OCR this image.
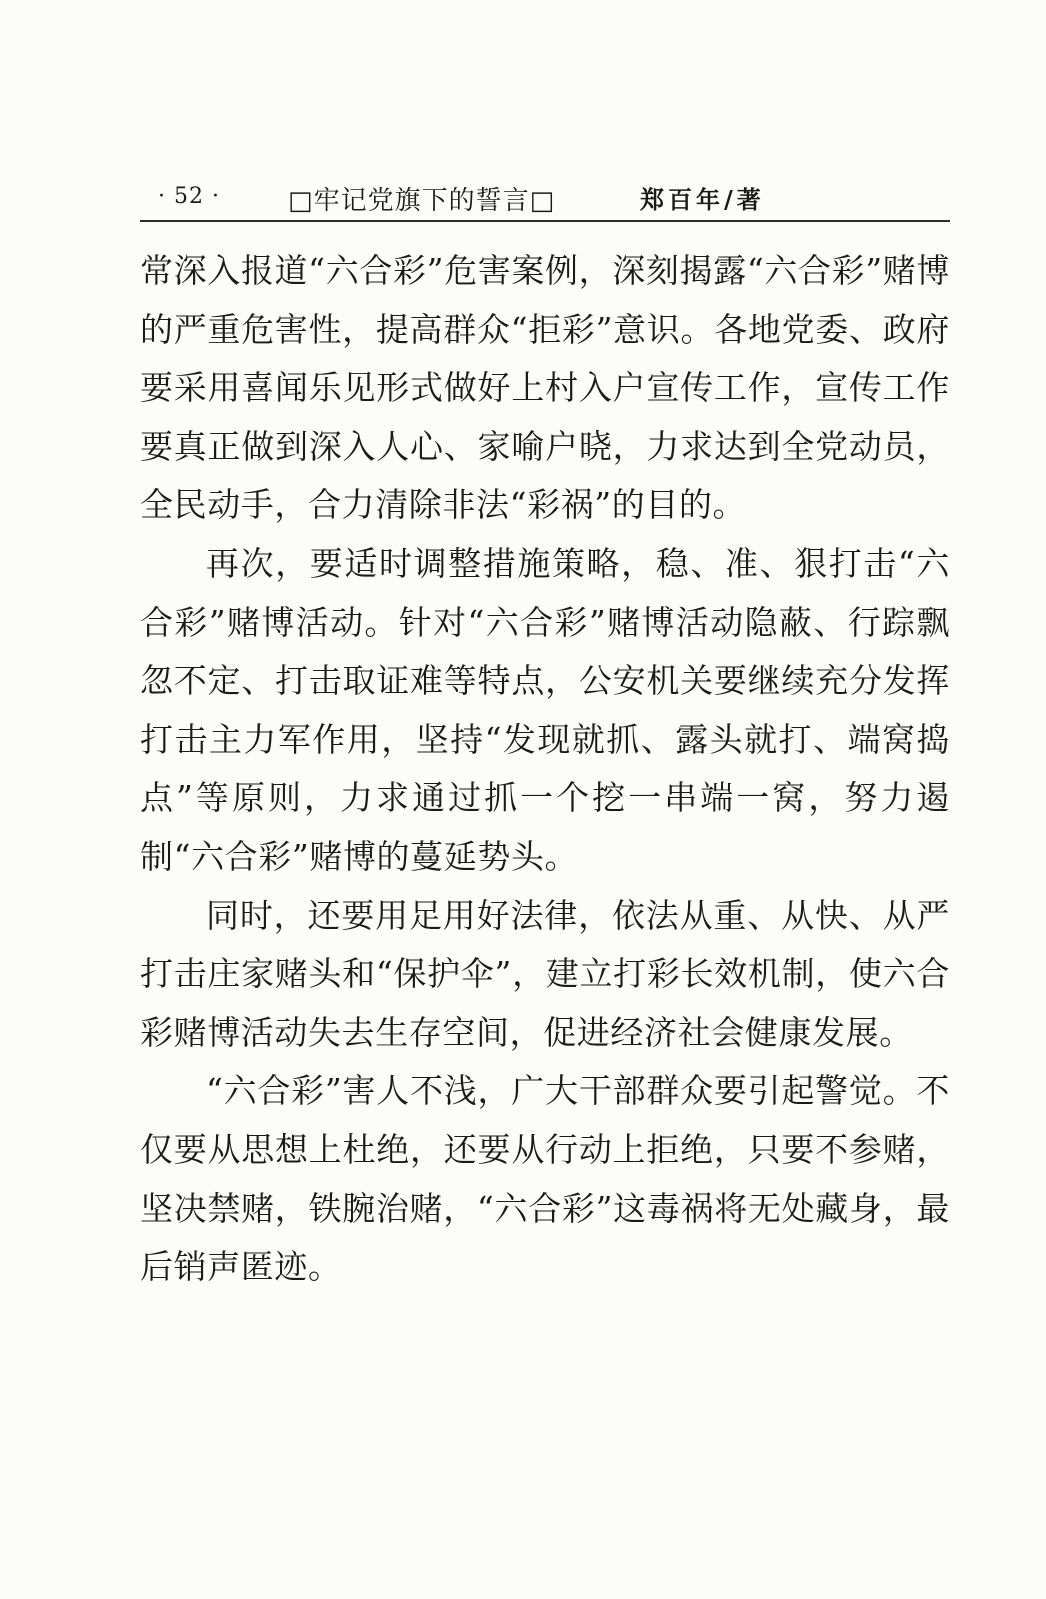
· 52 ·	□牢记党旗下的誓言□	郑百年/著

常深入报道“六合彩”危害案例，深刻揭露“六合彩”赌博的严重危害性，提高群众“拒彩”意识。各地党委、政府要采用喜闻乐见形式做好上村入户宣传工作，宣传工作要真正做到深入人心、家喻户晓，力求达到全党动员，全民动手，合力清除非法“彩祸”的目的。

再次，要适时调整措施策略，稳、准、狠打击“六合彩”赌博活动。针对“六合彩”赌博活动隐蔽、行踪飘忽不定、打击取证难等特点，公安机关要继续充分发挥打击主力军作用，坚持“发现就抓、露头就打、端窝捣点”等原则，力求通过抓一个挖一串端一窝，努力遏制“六合彩”赌博的蔓延势头。

同时，还要用足用好法律，依法从重、从快、从严打击庄家赌头和“保护伞”，建立打彩长效机制，使六合彩赌博活动失去生存空间，促进经济社会健康发展。

“六合彩”害人不浅，广大干部群众要引起警觉。不仅要从思想上杜绝，还要从行动上拒绝，只要不参赌，坚决禁赌，铁腕治赌，“六合彩”这毒祸将无处藏身，最后销声匿迹。
